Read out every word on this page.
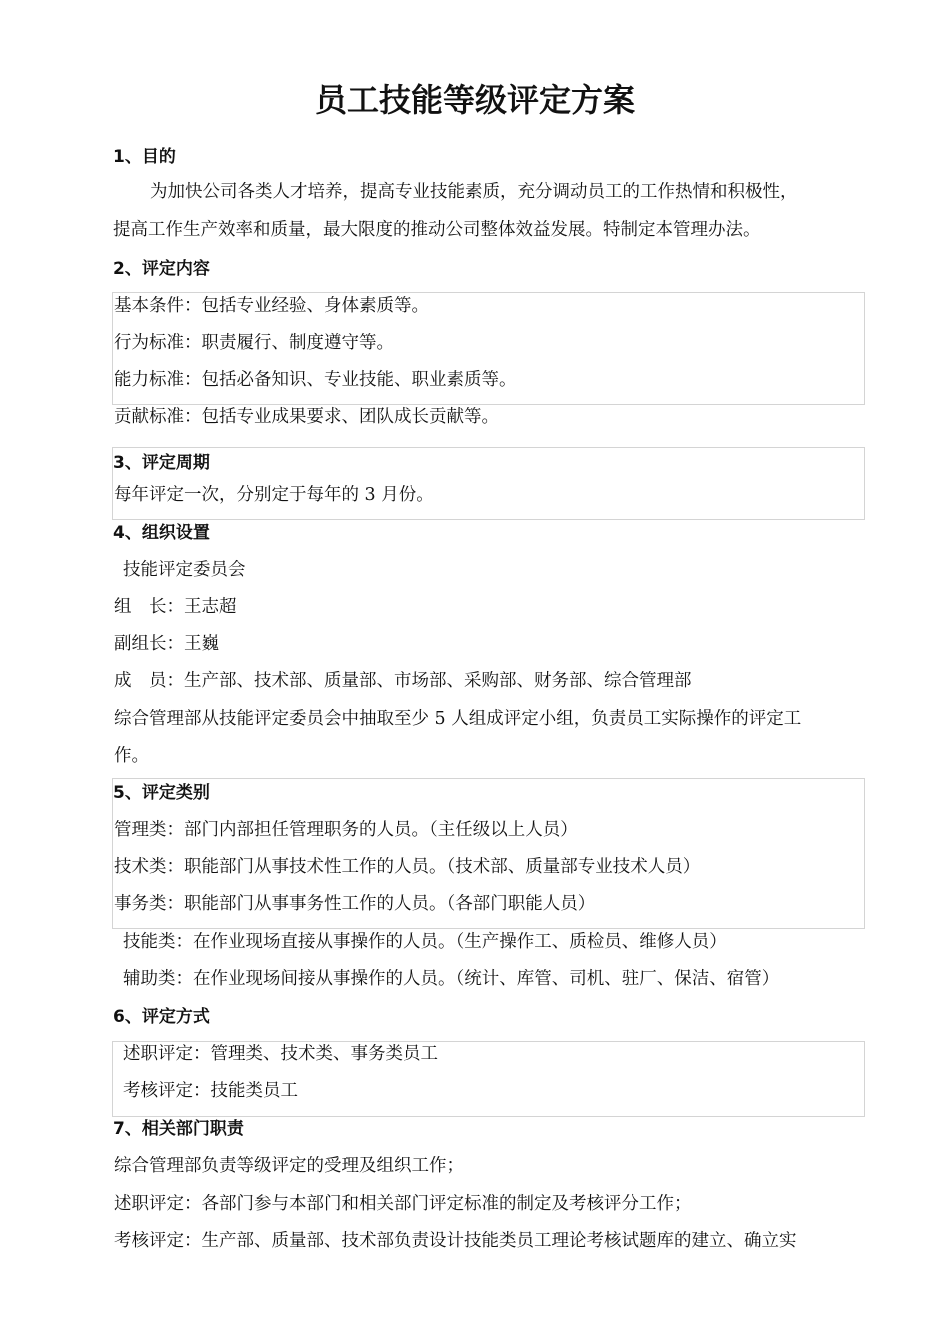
员工技能等级评定方案
1、目的
为加快公司各类人才培养，提高专业技能素质，充分调动员工的工作热情和积极性，
提高工作生产效率和质量，最大限度的推动公司整体效益发展。特制定本管理办法。
2、评定内容
基本条件：包括专业经验、身体素质等。
行为标准：职责履行、制度遵守等。
能力标准：包括必备知识、专业技能、职业素质等。
贡献标准：包括专业成果要求、团队成长贡献等。
3、评定周期
每年评定一次，分别定于每年的 3 月份。
4、组织设置
技能评定委员会
组　长：王志超
副组长：王巍
成　员：生产部、技术部、质量部、市场部、采购部、财务部、综合管理部
综合管理部从技能评定委员会中抽取至少 5 人组成评定小组，负责员工实际操作的评定工
作。
5、评定类别
管理类：部门内部担任管理职务的人员。（主任级以上人员）
技术类：职能部门从事技术性工作的人员。（技术部、质量部专业技术人员）
事务类：职能部门从事事务性工作的人员。（各部门职能人员）
技能类：在作业现场直接从事操作的人员。（生产操作工、质检员、维修人员）
辅助类：在作业现场间接从事操作的人员。（统计、库管、司机、驻厂、保洁、宿管）
6、评定方式
述职评定：管理类、技术类、事务类员工
考核评定：技能类员工
7、相关部门职责
综合管理部负责等级评定的受理及组织工作；
述职评定：各部门参与本部门和相关部门评定标准的制定及考核评分工作；
考核评定：生产部、质量部、技术部负责设计技能类员工理论考核试题库的建立、确立实
